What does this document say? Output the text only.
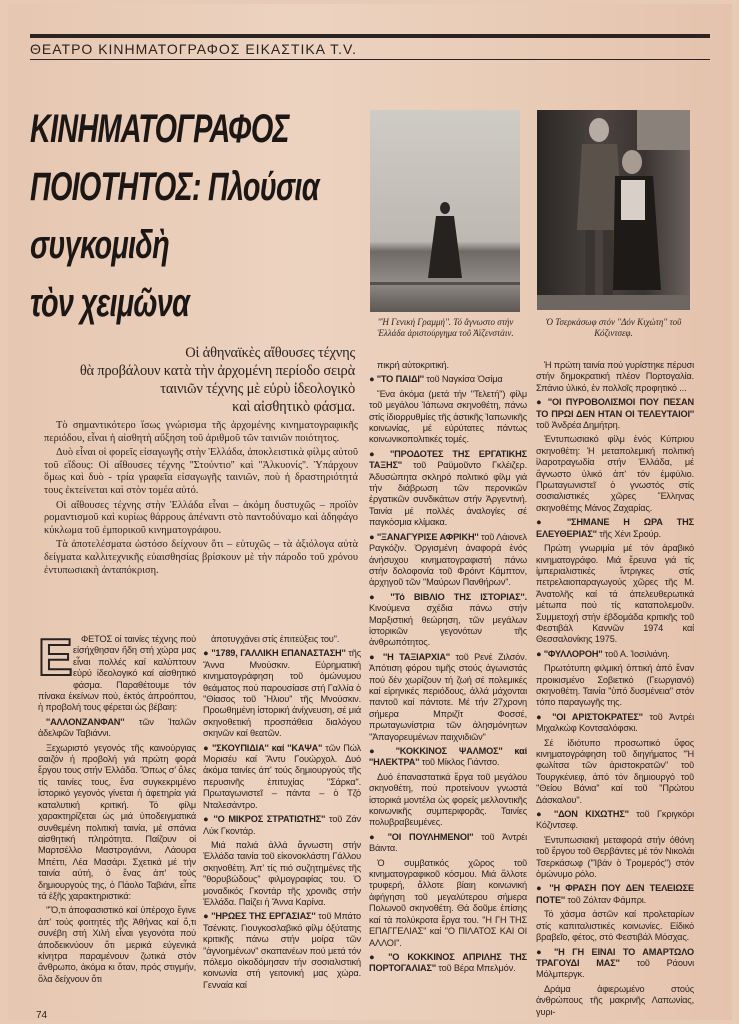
ΘΕΑΤΡΟ ΚΙΝΗΜΑΤΟΓΡΑΦΟΣ ΕΙΚΑΣΤΙΚΑ T.V.
ΚΙΝΗΜΑΤΟΓΡΑΦΟΣ
ΠΟΙΟΤΗΤΟΣ: Πλούσια
συγκομιδὴ
τὸν χειμῶνα	''Ἡ Γενική Γραμμή''. Τό ἄγνωστο στήν Ἑλλάδα ἀριστούργημα τοῦ Ἀϊζενστάιν.
Ὁ Τσερκάσωφ στόν ''Δόν Κιχώτη'' τοῦ Κόζιντσεφ.
Οἱ ἀθηναϊκὲς αἴθουσες τέχνης
θὰ προβάλουν κατὰ τὴν ἀρχομένη περίοδο σειρὰ
ταινιῶν τέχνης μὲ εὐρὺ ἰδεολογικὸ
καὶ αἰσθητικὸ φάσμα.

Τὸ σημαντικότερο ἴσως γνώρισμα τῆς ἀρχομένης κινηματογραφικῆς περιόδου, εἶναι ἡ αἰσθητὴ αὔξηση τοῦ ἀριθμοῦ τῶν ταινιῶν ποιότητος.

Δυὸ εἶναι οἱ φορεῖς εἰσαγωγῆς στὴν Ἑλλάδα, ἀποκλειστικὰ φίλμς αὐτοῦ τοῦ εἴδους: Οἱ αἴθουσες τέχνης ''Στούντιο'' καὶ ''Ἀλκυονίς''. Ὑπάρχουν ὅμως καὶ δυὸ - τρία γραφεῖα εἰσαγωγῆς ταινιῶν, ποὺ ἡ δραστηριότητά τους ἐκτείνεται καὶ στὸν τομέα αὐτό.

Οἱ αἴθουσες τέχνης στὴν Ἑλλάδα εἶναι – ἀκόμη δυστυχῶς – προϊὸν ρομαντισμοῦ καὶ κυρίως θάρρους ἀπέναντι στὸ παντοδύναμο καὶ ἀδηφάγο κύκλωμα τοῦ ἐμπορικοῦ κινηματογράφου.

Τὰ ἀποτελέσματα ὡστόσο δείχνουν ὅτι – εὐτυχῶς – τὰ ἀξιόλογα αὐτὰ δείγματα καλλιτεχνικῆς εὐαισθησίας βρίσκουν μὲ τὴν πάροδο τοῦ χρόνου ἐντυπωσιακὴ ἀνταπόκριση.

Ε ΦΕΤΟΣ οἱ ταινίες τέχνης πού εἰσήχθησαν ἤδη στή χώρα μας εἶναι πολλές καί καλύπτουν εὐρύ ἰδεολογικό καί αἰσθητικό φάσμα. Παραθέτουμε τόν πίνακα ἐκείνων πού, ἐκτός ἀπροόπτου, ἡ προβολή τους φέρεται ὡς βέβαιη:

''ΑΛΛΟΝΖΑΝΦΑΝ'' τῶν Ἰταλῶν ἀδελφῶν Ταβιάννι.

Ξεχωριστό γεγονός τῆς καινούργιας σαιζόν ἡ προβολή γιά πρώτη φορά ἔργου τους στήν Ἑλλάδα. Ὅπως σ' ὅλες τίς ταινίες τους, ἕνα συγκεκριμένο ἱστορικό γεγονός γίνεται ἡ ἀφετηρία γιά καταλυτική κριτική. Τό φίλμ χαρακτηρίζεται ὡς μιά ὑποδειγματικά συνθεμένη πολιτική ταινία, μέ σπάνια αἰσθητική πληρότητα. Παίζουν οἱ Μαρτσέλλο Μαστρογιάννι, Λάουρα Μπέττι, Λέα Μασάρι. Σχετικά μέ τήν ταινία αὐτή, ὁ ἕνας ἀπ' τούς δημιουργούς της, ὁ Πάολο Ταβιάνι, εἶπε τά ἑξῆς χαρακτηριστικά:

''Ὅ,τι ἀποφασιστικό καί ὑπέροχο ἔγινε ἀπ' τούς φοιτητές τῆς Ἀθήνας καί ὅ,τι συνέβη στή Χιλή εἶναι γεγονότα πού ἀποδεικνύουν ὅτι μερικά εὐγενικά κίνητρα παραμένουν ζωτικά στόν ἄνθρωπο, ἀκόμα κι ὅταν, πρός στιγμήν, ὅλα δείχνουν ὅτι

ἀποτυγχάνει στίς ἐπιτεύξεις του''.

● ''1789, ΓΑΛΛΙΚΗ ΕΠΑΝΑΣΤΑΣΗ'' τῆς Ἄννα Μνούσκιν. Εὑρηματική κινηματογράφηση τοῦ ὁμώνυμου θεάματος πού παρουσίασε στή Γαλλία ὁ ''Θίασος τοῦ Ἥλιου'' τῆς Μνούσκιν. Προωθημένη ἱστορική ἀνίχνευση, σέ μιά σκηνοθετική προσπάθεια διαλόγου σκηνῶν καί θεατῶν.

● ''ΣΚΟΥΠΙΔΙΑ'' καί ''ΚΑΨΑ'' τῶν Πώλ Μορισέυ καί Ἄντυ Γουώρχολ. Δυό ἀκόμα ταινίες ἀπ' τούς δημιουργούς τῆς περυσινῆς ἐπιτυχίας ''Σάρκα''. Πρωταγωνιστεῖ – πάντα – ὁ Τζό Νταλεσάντρο.

● ''Ο ΜΙΚΡΟΣ ΣΤΡΑΤΙΩΤΗΣ'' τοῦ Ζάν Λύκ Γκοντάρ.

Μιά παλιά ἀλλά ἄγνωστη στήν Ἑλλάδα ταινία τοῦ εἰκονοκλάστη Γάλλου σκηνοθέτη. Ἀπ' τίς πιό συζητημένες τῆς ''θορυβώδους'' φιλμογραφίας του. Ὁ μοναδικός Γκοντάρ τῆς χρονιᾶς στήν Ἑλλάδα. Παίζει ἡ Ἄννα Καρίνα.

● ''ΗΡΩΕΣ ΤΗΣ ΕΡΓΑΣΙΑΣ'' τοῦ Μπάτο Τσένκιτς. Γιουγκοσλαβικό φίλμ ὀξύτατης κριτικῆς πάνω στήν μοίρα τῶν ''ἀγνοημένων'' σκαπανέων πού μετά τόν πόλεμο οἰκοδόμησαν τήν σοσιαλιστική κοινωνία στή γειτονική μας χώρα. Γενναία καί

πικρή αὐτοκριτική.

● ''ΤΟ ΠΑΙΔΙ'' τοῦ Ναγκίσα Ὀσίμα

Ἕνα ἀκόμα (μετά τήν ''Τελετή'') φίλμ τοῦ μεγάλου Ἰάπωνα σκηνοθέτη, πάνω στίς ἰδιορρυθμίες τῆς ἀστικῆς Ἰαπωνικῆς κοινωνίας, μέ εὐρύτατες πάντως κοινωνικοπολιτικές τομές.

● ''ΠΡΟΔΟΤΕΣ ΤΗΣ ΕΡΓΑΤΙΚΗΣ ΤΑΞΗΣ'' τοῦ Ραϋμοῦντο Γκλέιζερ. Ἀδυσώπητα σκληρό πολιτικό φίλμ γιά τήν διάβρωση τῶν περονικῶν ἐργατικῶν συνδικάτων στήν Ἀργεντινή. Ταινία μέ πολλές ἀναλογίες σέ παγκόσμια κλίμακα.

● ''ΞΑΝΑΓΥΡΙΣΕ ΑΦΡΙΚΗ'' τοῦ Λάιονελ Ραγκόζιν. Ὀργισμένη ἀναφορά ἑνός ἀνήσυχου κινηματογραφιστή πάνω στήν δολοφονία τοῦ Φρόιντ Κάμπτον, ἀρχηγοῦ τῶν ''Μαύρων Πανθήρων''.

● ''Τό ΒΙΒΛΙΟ ΤΗΣ ΙΣΤΟΡΙΑΣ''. Κινούμενα σχέδια πάνω στήν Μαρξιστική θεώρηση, τῶν μεγάλων ἱστορικῶν γεγονότων τῆς ἀνθρωπότητος.

● ''Η ΤΑΞΙΑΡΧΙΑ'' τοῦ Ρενέ Ζιλσόν. Ἀπότιση φόρου τιμῆς στούς ἀγωνιστάς πού δέν χωρίζουν τή ζωή σέ πολεμικές καί εἰρηνικές περιόδους, ἀλλά μάχονται παντοῦ καί πάντοτε. Μέ τήν 27χρονη σήμερα Μπριζίτ Φοσσέ, πρωταγωνίστρια τῶν ἀλησμόνητων ''Ἀπαγορευμένων παιχνιδιῶν''

● ''ΚΟΚΚΙΝΟΣ ΨΑΛΜΟΣ'' καί ''ΗΛΕΚΤΡΑ'' τοῦ Μίκλος Γιάντσο.

Δυό ἐπαναστατικά ἔργα τοῦ μεγάλου σκηνοθέτη, πού προτείνουν γνωστά ἱστορικά μοντέλα ὡς φορείς μελλοντικῆς κοινωνικῆς συμπεριφορᾶς. Ταινίες πολυβραβευμένες.

● ''ΟΙ ΠΟΥΛΗΜΕΝΟΙ'' τοῦ Ἀντρέι Βάιντα.

Ὁ συμβατικός χῶρος τοῦ κινηματογραφικοῦ κόσμου. Μιά ἄλλοτε τρυφερή, ἄλλοτε βίαιη κοινωνική ἀφήγηση τοῦ μεγαλύτερου σήμερα Πολωνοῦ σκηνοθέτη. Θά δοῦμε ἐπίσης καί τά πολύκροτα ἔργα του. ''Η ΓΗ ΤΗΣ ΕΠΑΓΓΕΛΙΑΣ'' καί ''Ο ΠΙΛΑΤΟΣ ΚΑΙ ΟΙ ΑΛΛΟΙ''.

● ''Ο ΚΟΚΚΙΝΟΣ ΑΠΡΙΛΗΣ ΤΗΣ ΠΟΡΤΟΓΑΛΙΑΣ'' τοῦ Βέρα Μπελμόν.

Ἡ πρώτη ταινία πού γυρίστηκε πέρυσι στήν δημοκρατική πλέον Πορτογαλία. Σπάνιο ὑλικό, ἐν πολλοῖς προφητικό ...

● ''ΟΙ ΠΥΡΟΒΟΛΙΣΜΟΙ ΠΟΥ ΠΕΣΑΝ ΤΟ ΠΡΩΙ ΔΕΝ ΗΤΑΝ ΟΙ ΤΕΛΕΥΤΑΙΟΙ'' τοῦ Ἀνδρέα Δημήτρη.

Ἐντυπωσιακό φίλμ ἑνός Κύπριου σκηνοθέτη: Ἡ μεταπολεμική πολιτική ἱλαροτραγωδία στήν Ἑλλάδα, μέ ἄγνωστο ὑλικό ἀπ' τόν ἐμφύλιο. Πρωταγωνιστεῖ ὁ γνωστός στίς σοσιαλιστικές χῶρες Ἕλληνας σκηνοθέτης Μάνος Ζαχαρίας.

● ''ΣΗΜΑΝΕ Η ΩΡΑ ΤΗΣ ΕΛΕΥΘΕΡΙΑΣ'' τῆς Χένι Σρούρ.

Πρώτη γνωριμία μέ τόν ἀραβικό κινηματογράφο. Μιά ἔρευνα γιά τίς ἰμπεριαλιστικές ἴντριγκες στίς πετρελαιοπαραγωγούς χῶρες τῆς Μ. Ἀνατολῆς καί τά ἀπελευθερωτικά μέτωπα πού τίς καταπολεμοῦν. Συμμετοχή στήν ἑβδομάδα κριτικῆς τοῦ Φεστιβάλ Καννῶν 1974 καί Θεσσαλονίκης 1975.

● ''ΦΥΛΛΟΡΟΗ'' τοῦ Α. Ἰοσιλιάνη.

Πρωτότυπη φιλμική ὀπτική ἀπό ἕναν προικισμένο Σοβιετικό (Γεωργιανό) σκηνοθέτη. Ταινία ''ὑπό δυσμένεια'' στόν τόπο παραγωγῆς της.

● ''ΟΙ ΑΡΙΣΤΟΚΡΑΤΕΣ'' τοῦ Ἀντρέι Μιχαλκώφ Κοντσαλόφσκι.

Σέ ἰδιότυπο προσωπικό ὕφος κινηματογράφηση τοῦ διηγήματος ''Ἡ φωλίτσα τῶν ἀριστοκρατῶν'' τοῦ Τουργκένιεφ, ἀπό τόν δημιουργό τοῦ ''Θείου Βάνια'' καί τοῦ ''Πρώτου Δάσκαλου''.

● ''ΔΟΝ ΚΙΧΩΤΗΣ'' τοῦ Γκριγκόρι Κόζιντσεφ.

Ἐντυπωσιακή μεταφορά στήν ὀθόνη τοῦ ἔργου τοῦ Θερβάντες μέ τόν Νικολάι Τσερκάσωφ (''Ἰβάν ὁ Τρομερός'') στόν ὁμώνυμο ρόλο.

● ''Η ΦΡΑΣΗ ΠΟΥ ΔΕΝ ΤΕΛΕΙΩΣΕ ΠΟΤΕ'' τοῦ Ζόλταν Φάμπρι.

Τό χάσμα ἀστῶν καί προλεταρίων στίς καπιταλιστικές κοινωνίες. Εἰδικό βραβεῖο, φέτος, στό Φεστιβάλ Μόσχας.

● ''Η ΓΗ ΕΙΝΑΙ ΤΟ ΑΜΑΡΤΩΛΟ ΤΡΑΓΟΥΔΙ ΜΑΣ'' τοῦ Ράουνι Μόλμπεργκ.

Δράμα ἀφιερωμένο στούς ἀνθρώπους τῆς μακρινῆς Λαπωνίας, γυρι-

74
